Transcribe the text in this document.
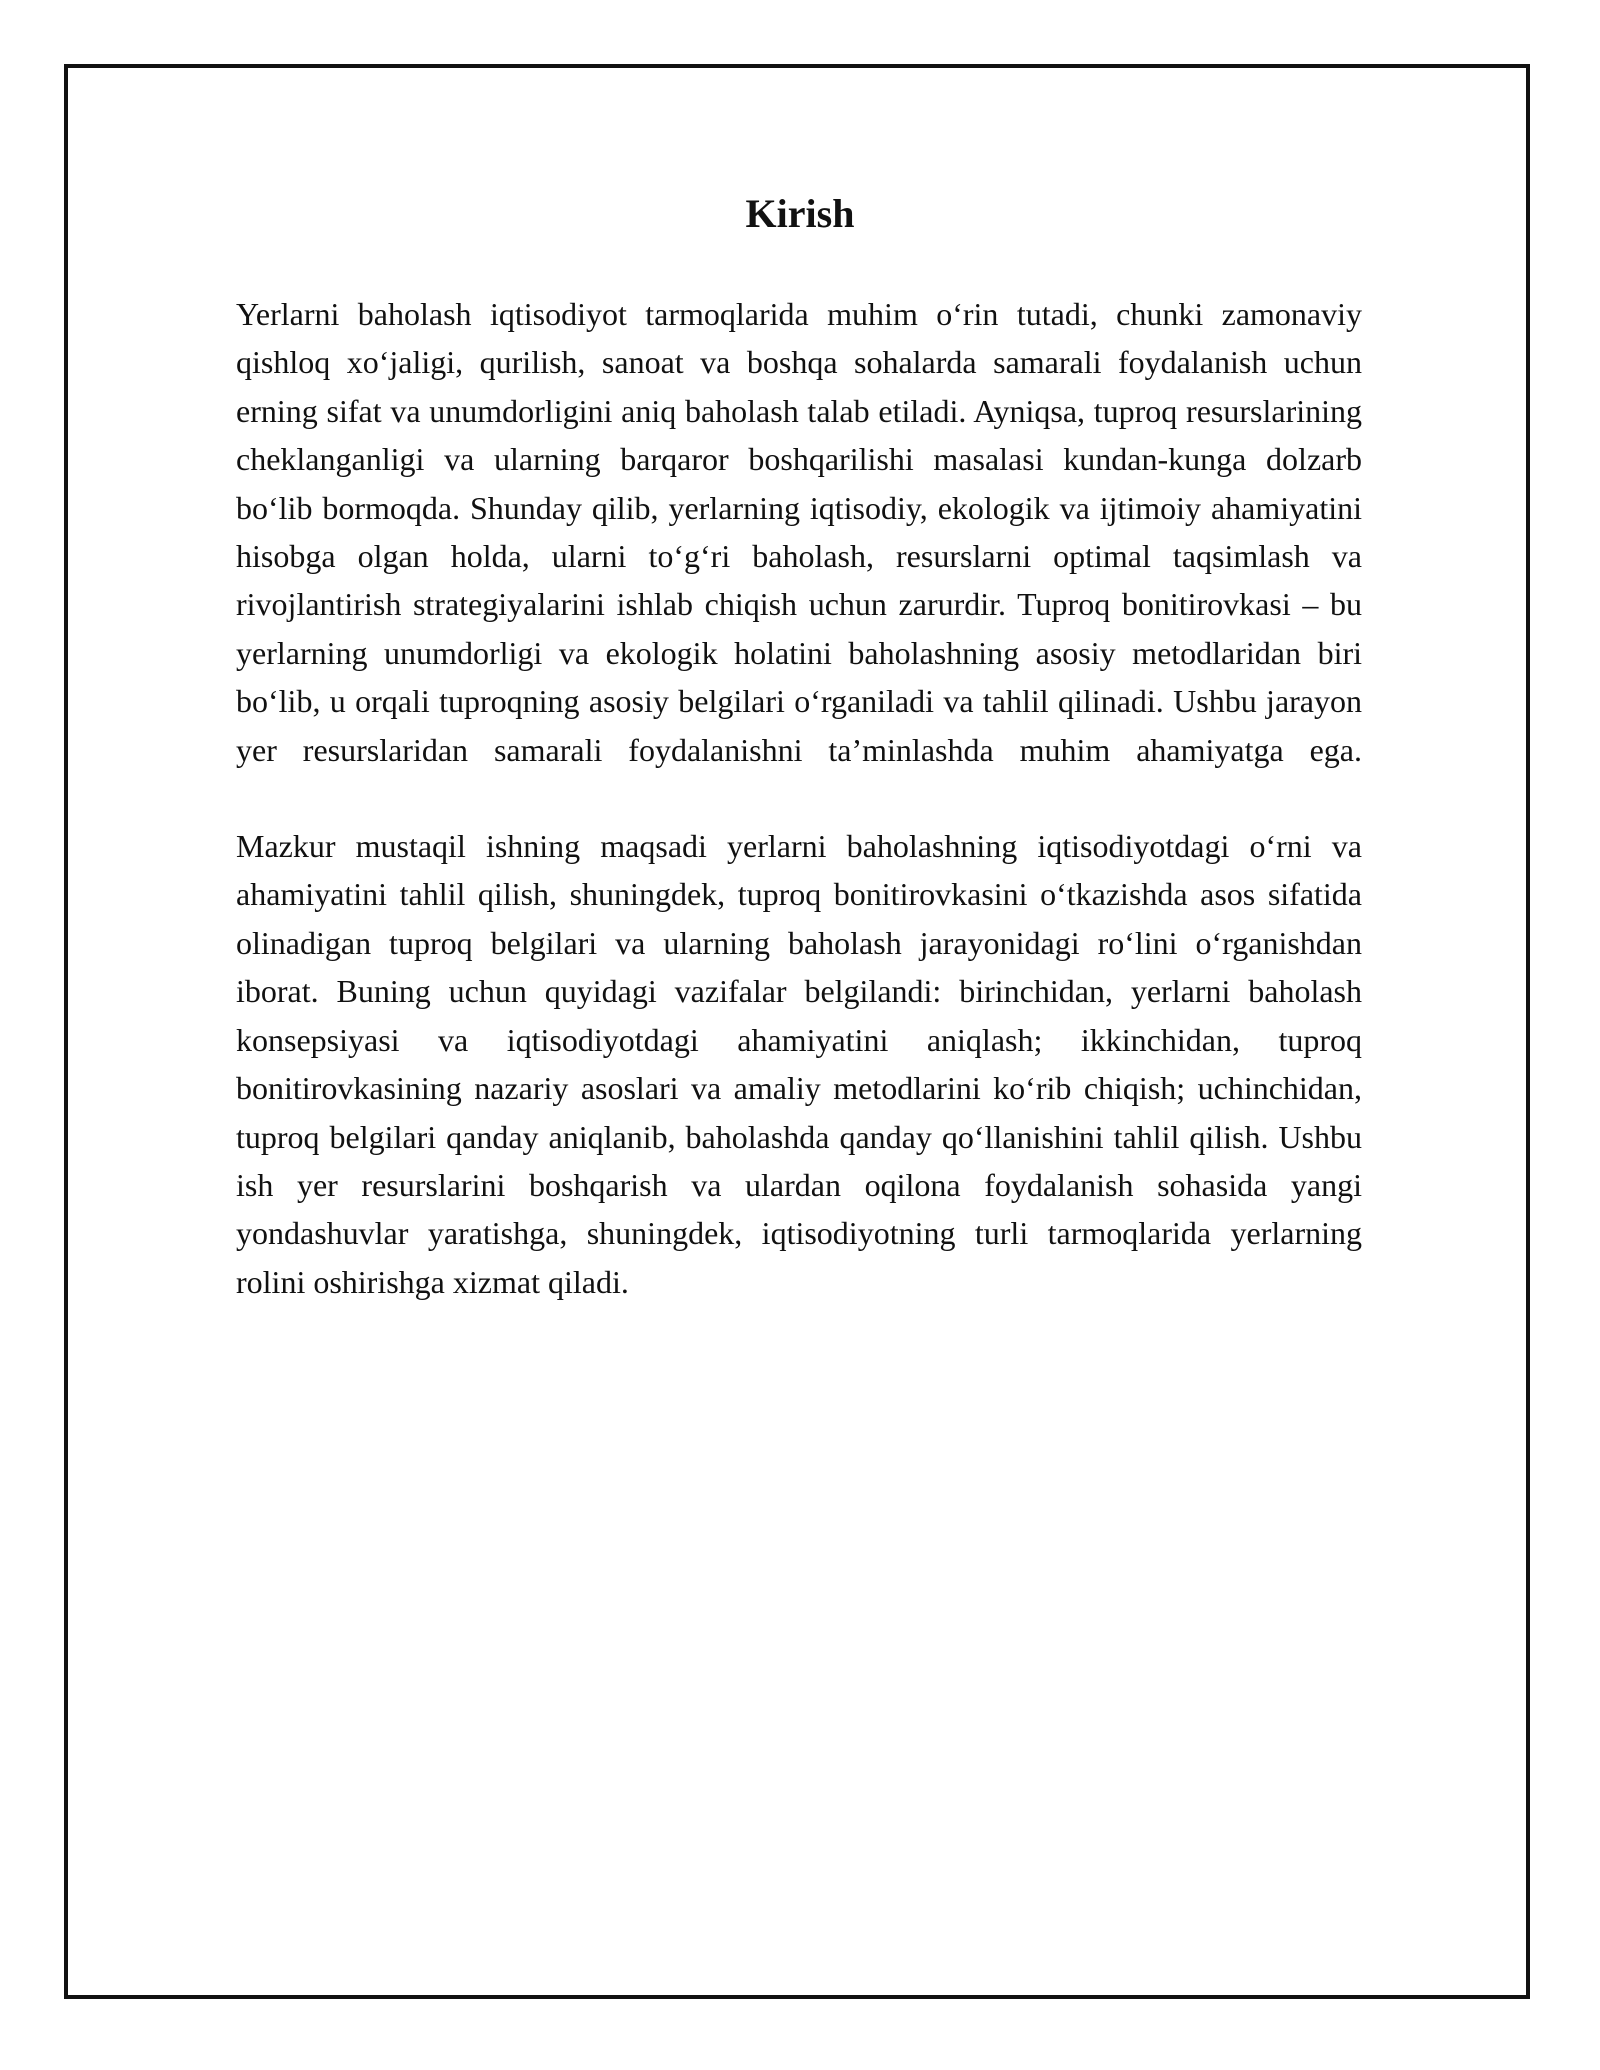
Kirish

Yerlarni baholash iqtisodiyot tarmoqlarida muhim o‘rin tutadi, chunki zamonaviy qishloq xo‘jaligi, qurilish, sanoat va boshqa sohalarda samarali foydalanish uchun erning sifat va unumdorligini aniq baholash talab etiladi. Ayniqsa, tuproq resurslarining cheklanganligi va ularning barqaror boshqarilishi masalasi kundan-kunga dolzarb bo‘lib bormoqda. Shunday qilib, yerlarning iqtisodiy, ekologik va ijtimoiy ahamiyatini hisobga olgan holda, ularni to‘g‘ri baholash, resurslarni optimal taqsimlash va rivojlantirish strategiyalarini ishlab chiqish uchun zarurdir. Tuproq bonitirovkasi – bu yerlarning unumdorligi va ekologik holatini baholashning asosiy metodlaridan biri bo‘lib, u orqali tuproqning asosiy belgilari o‘rganiladi va tahlil qilinadi. Ushbu jarayon yer resurslaridan samarali foydalanishni ta’minlashda muhim ahamiyatga ega.

Mazkur mustaqil ishning maqsadi yerlarni baholashning iqtisodiyotdagi o‘rni va ahamiyatini tahlil qilish, shuningdek, tuproq bonitirovkasini o‘tkazishda asos sifatida olinadigan tuproq belgilari va ularning baholash jarayonidagi ro‘lini o‘rganishdan iborat. Buning uchun quyidagi vazifalar belgilandi: birinchidan, yerlarni baholash konsepsiyasi va iqtisodiyotdagi ahamiyatini aniqlash; ikkinchidan, tuproq bonitirovkasining nazariy asoslari va amaliy metodlarini ko‘rib chiqish; uchinchidan, tuproq belgilari qanday aniqlanib, baholashda qanday qo‘llanishini tahlil qilish. Ushbu ish yer resurslarini boshqarish va ulardan oqilona foydalanish sohasida yangi yondashuvlar yaratishga, shuningdek, iqtisodiyotning turli tarmoqlarida yerlarning rolini oshirishga xizmat qiladi.
